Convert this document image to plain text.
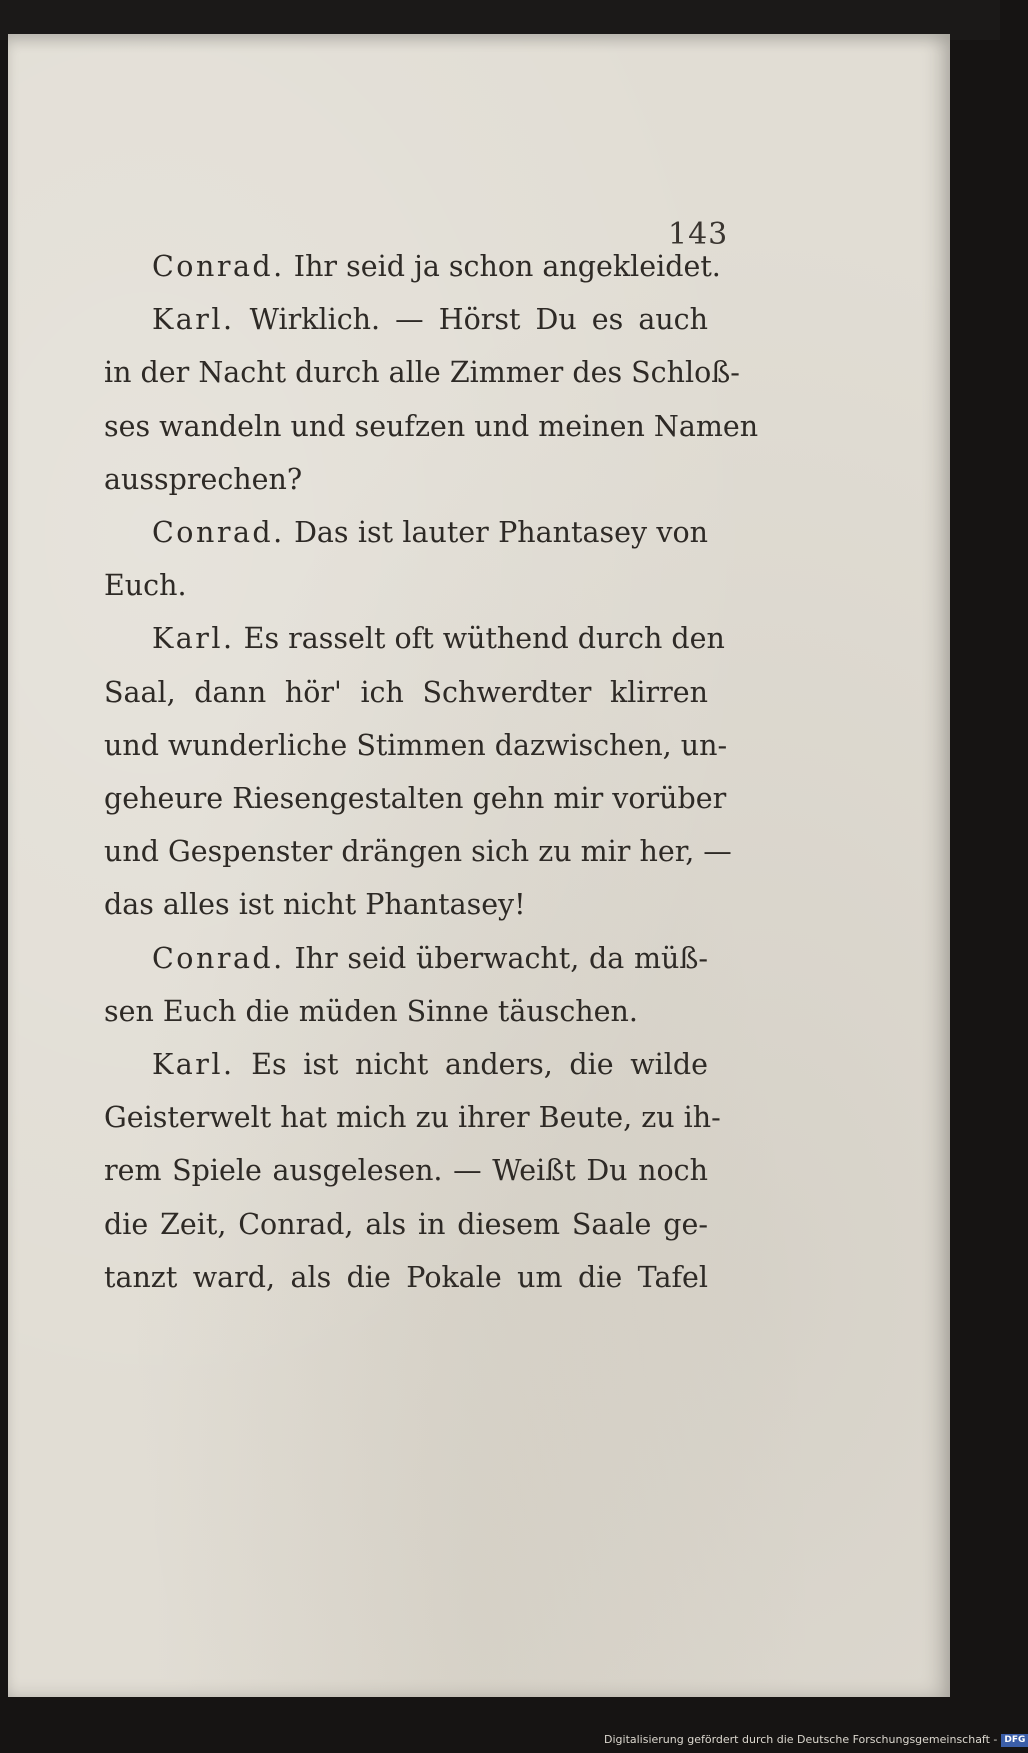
143
Conrad. Ihr seid ja schon angekleidet.
Karl. Wirklich. — Hörst Du es auch
in der Nacht durch alle Zimmer des Schloß-
ses wandeln und seufzen und meinen Namen
aussprechen?
Conrad. Das ist lauter Phantasey von
Euch.
Karl. Es rasselt oft wüthend durch den
Saal, dann hör' ich Schwerdter klirren
und wunderliche Stimmen dazwischen, un-
geheure Riesengestalten gehn mir vorüber
und Gespenster drängen sich zu mir her, —
das alles ist nicht Phantasey!
Conrad. Ihr seid überwacht, da müß-
sen Euch die müden Sinne täuschen.
Karl. Es ist nicht anders, die wilde
Geisterwelt hat mich zu ihrer Beute, zu ih-
rem Spiele ausgelesen. — Weißt Du noch
die Zeit, Conrad, als in diesem Saale ge-
tanzt ward, als die Pokale um die Tafel
Digitalisierung gefördert durch die Deutsche Forschungsgemeinschaft - DFG
